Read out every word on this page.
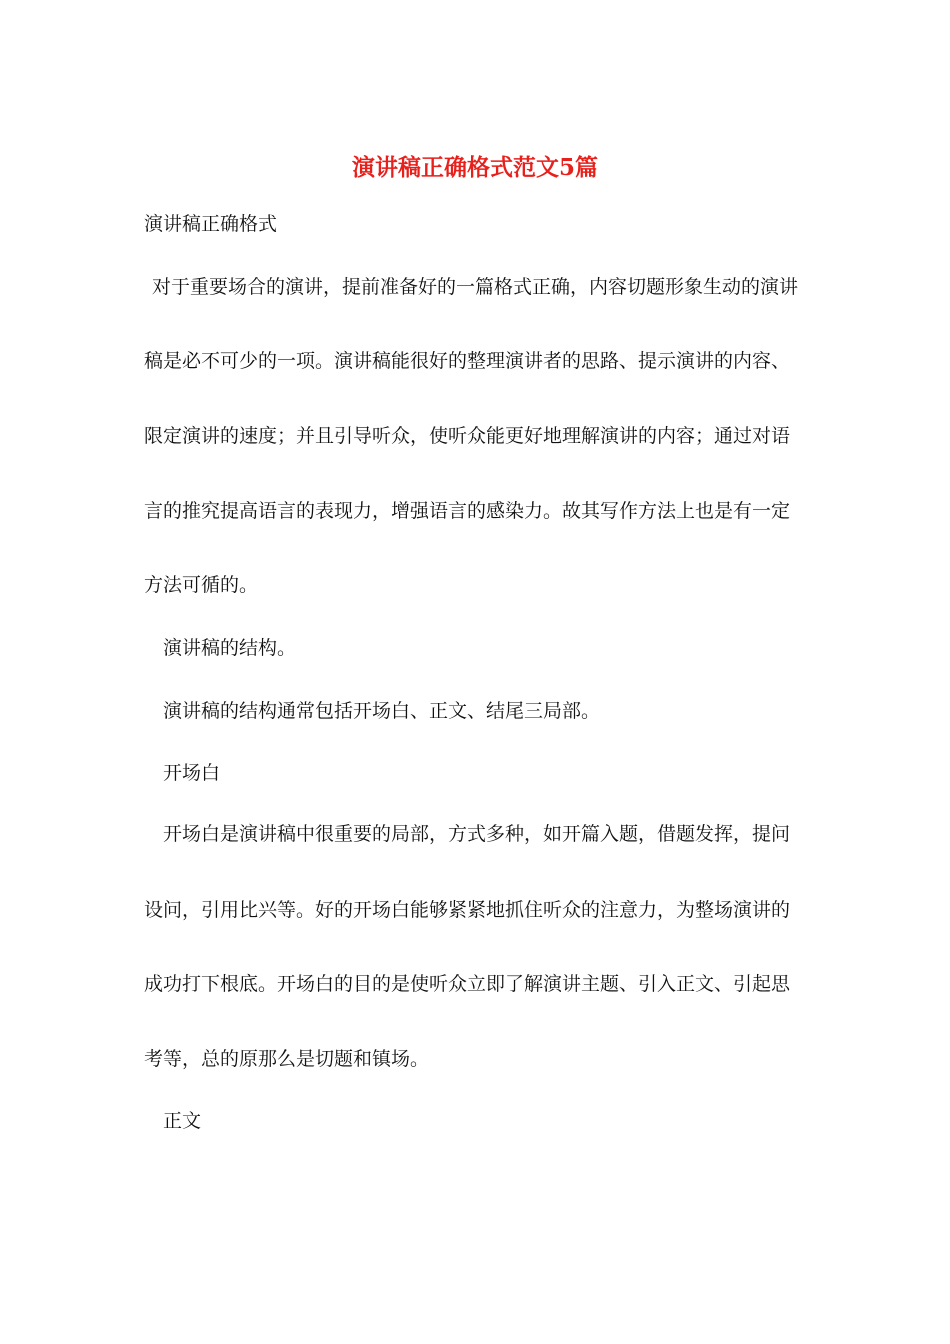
演讲稿正确格式范文5篇

演讲稿正确格式

对于重要场合的演讲，提前准备好的一篇格式正确，内容切题形象生动的演讲

稿是必不可少的一项。演讲稿能很好的整理演讲者的思路、提示演讲的内容、

限定演讲的速度；并且引导听众，使听众能更好地理解演讲的内容；通过对语

言的推究提高语言的表现力，增强语言的感染力。故其写作方法上也是有一定

方法可循的。

演讲稿的结构。

演讲稿的结构通常包括开场白、正文、结尾三局部。

开场白

开场白是演讲稿中很重要的局部，方式多种，如开篇入题，借题发挥，提问

设问，引用比兴等。好的开场白能够紧紧地抓住听众的注意力，为整场演讲的

成功打下根底。开场白的目的是使听众立即了解演讲主题、引入正文、引起思

考等，总的原那么是切题和镇场。

正文
